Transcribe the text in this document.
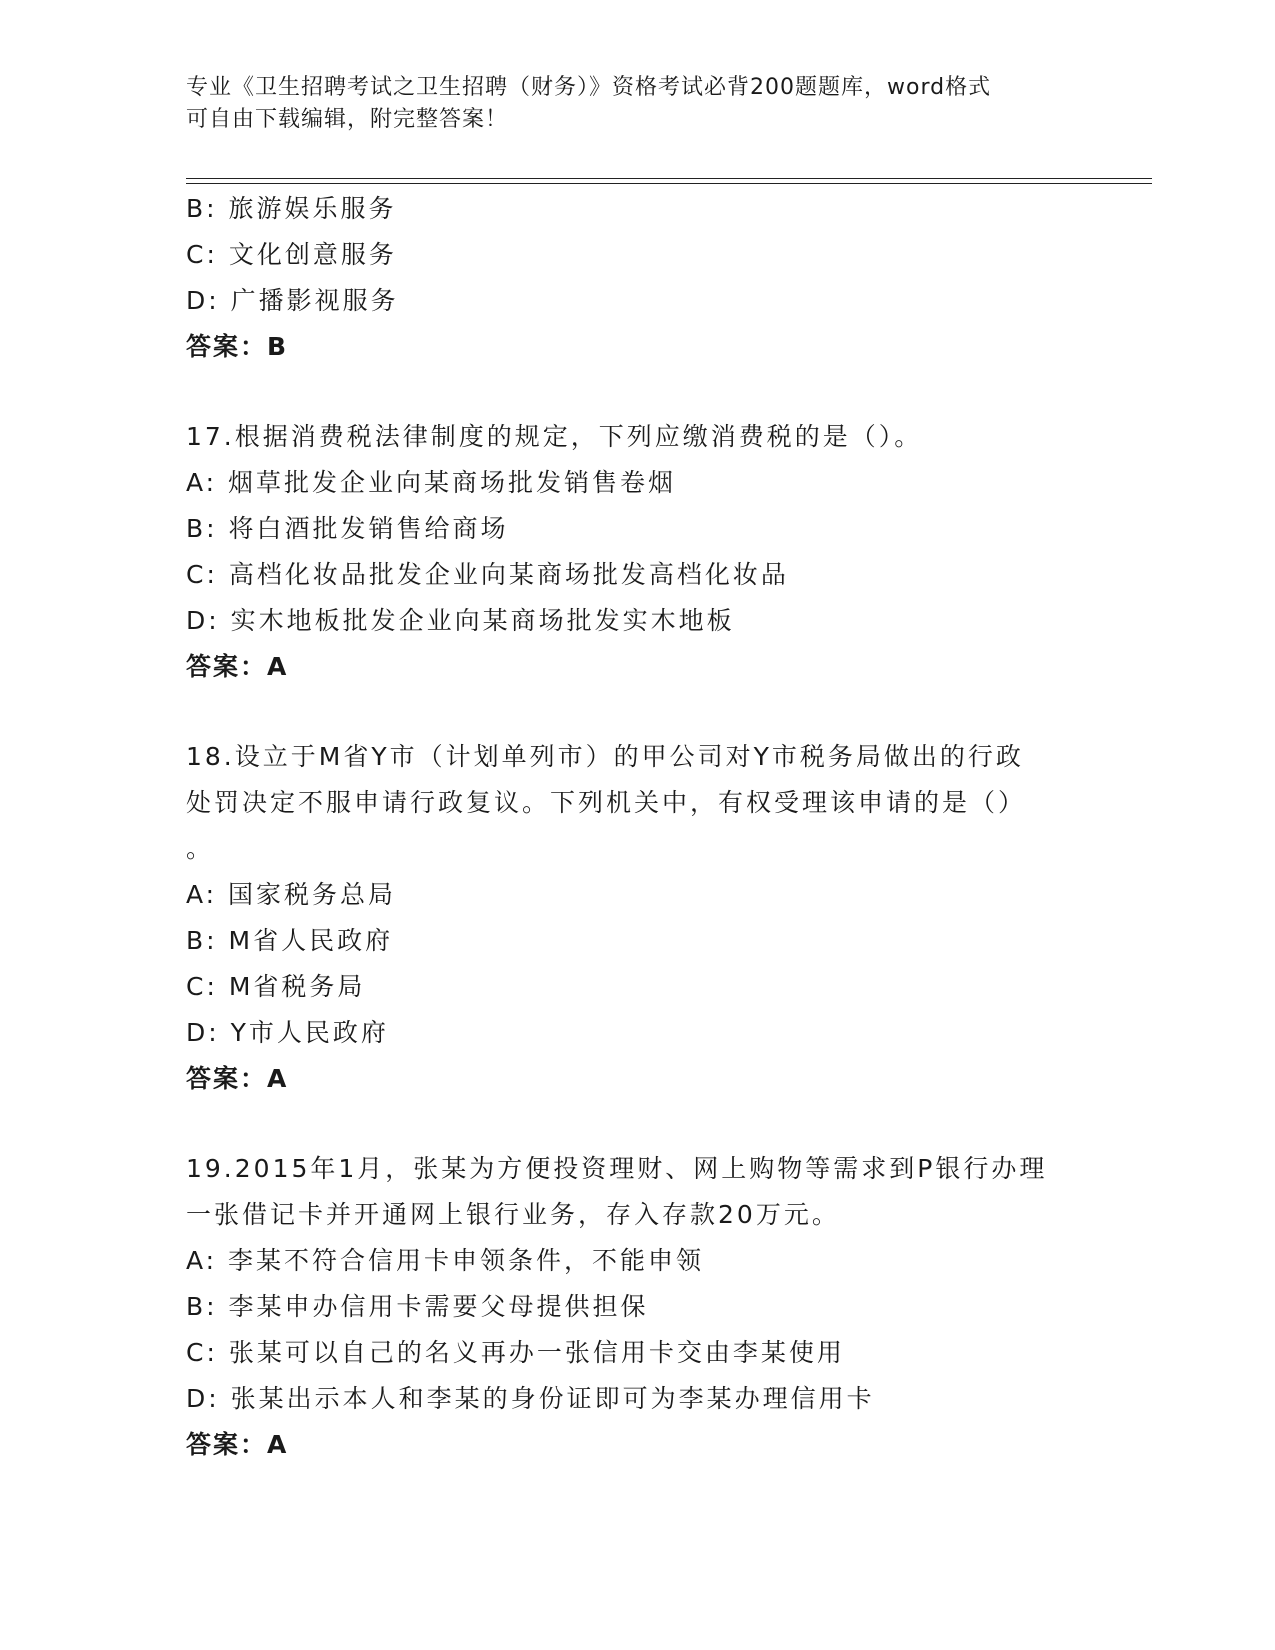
专业《卫生招聘考试之卫生招聘（财务）》资格考试必背200题题库，word格式
可自由下载编辑，附完整答案！
B: 旅游娱乐服务
C: 文化创意服务
D: 广播影视服务
答案：B
17.根据消费税法律制度的规定，下列应缴消费税的是（）。
A: 烟草批发企业向某商场批发销售卷烟
B: 将白酒批发销售给商场
C: 高档化妆品批发企业向某商场批发高档化妆品
D: 实木地板批发企业向某商场批发实木地板
答案：A
18.设立于M省Y市（计划单列市）的甲公司对Y市税务局做出的行政
处罚决定不服申请行政复议。下列机关中，有权受理该申请的是（）
。
A: 国家税务总局
B: M省人民政府
C: M省税务局
D: Y市人民政府
答案：A
19.2015年1月，张某为方便投资理财、网上购物等需求到P银行办理
一张借记卡并开通网上银行业务，存入存款20万元。
A: 李某不符合信用卡申领条件，不能申领
B: 李某申办信用卡需要父母提供担保
C: 张某可以自己的名义再办一张信用卡交由李某使用
D: 张某出示本人和李某的身份证即可为李某办理信用卡
答案：A
